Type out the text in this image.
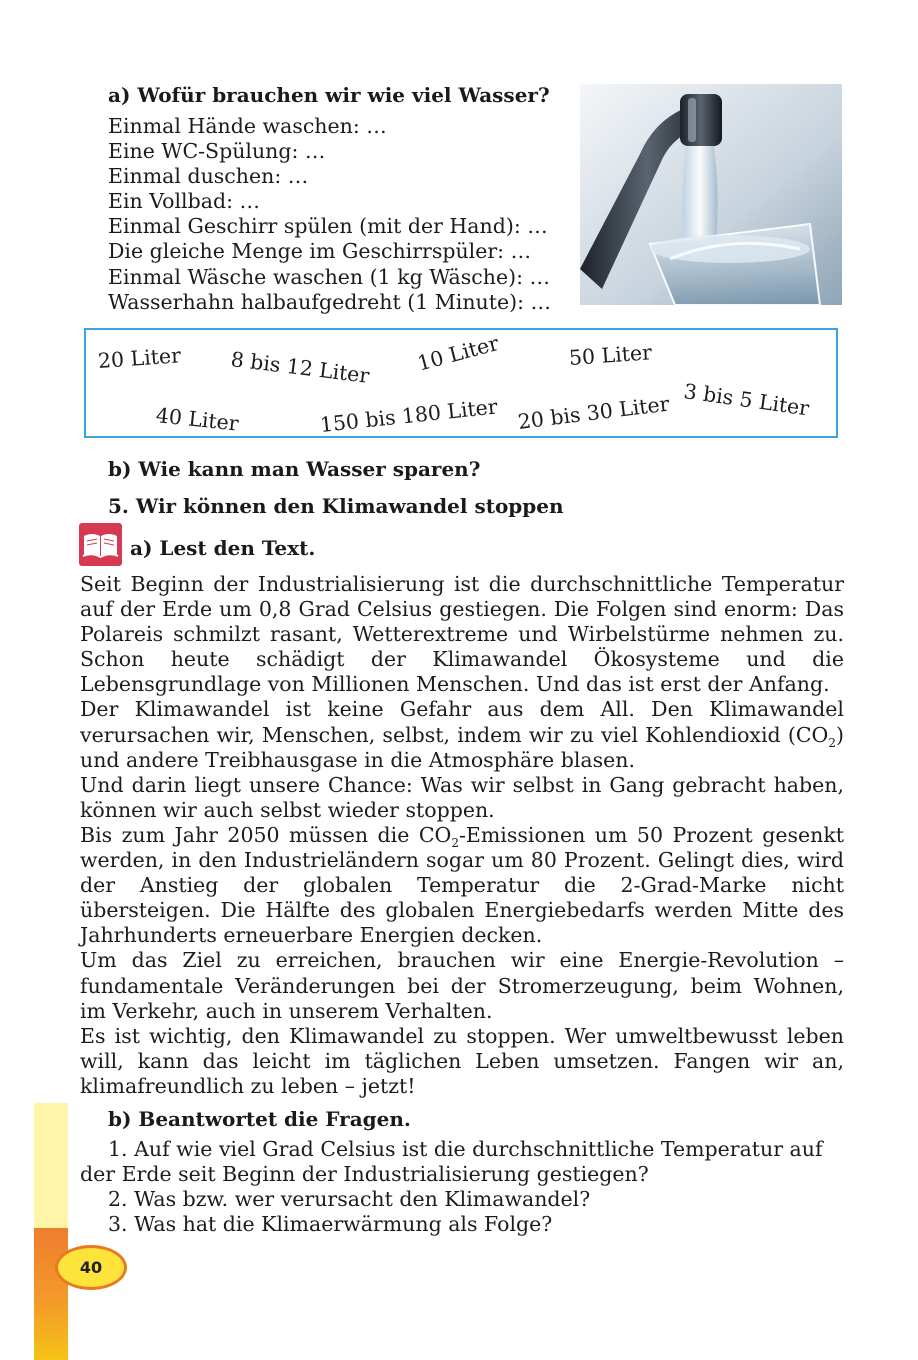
a) Wofür brauchen wir wie viel Wasser?
Einmal Hände waschen: …
Eine WC-Spülung: …
Einmal duschen: …
Ein Vollbad: …
Einmal Geschirr spülen (mit der Hand): …
Die gleiche Menge im Geschirrspüler: …
Einmal Wäsche waschen (1 kg Wäsche): …
Wasserhahn halbaufgedreht (1 Minute): …
20 Liter 8 bis 12 Liter 10 Liter	50 Liter
3 bis 5 Liter
40 Liter	150 bis 180 Liter 20 bis 30 Liter
b) Wie kann man Wasser sparen?
5. Wir können den Klimawandel stoppen
a) Lest den Text.

Seit Beginn der Industrialisierung ist die durchschnittliche Temperatur auf der Erde um 0,8 Grad Celsius gestiegen. Die Folgen sind enorm: Das Polareis schmilzt rasant, Wetterextreme und Wirbelstürme nehmen zu. Schon heute schädigt der Klimawandel Ökosysteme und die Lebensgrundlage von Millionen Menschen. Und das ist erst der Anfang.

Der Klimawandel ist keine Gefahr aus dem All. Den Klimawandel verursachen wir, Menschen, selbst, indem wir zu viel Kohlendioxid $(CO_2)$ und andere Treibhausgase in die Atmosphäre blasen.

Und darin liegt unsere Chance: Was wir selbst in Gang gebracht haben, können wir auch selbst wieder stoppen.

Bis zum Jahr 2050 müssen die $CO_2$-Emissionen um 50 Prozent gesenkt werden, in den Industrieländern sogar um 80 Prozent. Gelingt dies, wird der Anstieg der globalen Temperatur die 2-Grad-Marke nicht übersteigen. Die Hälfte des globalen Energiebedarfs werden Mitte des Jahrhunderts erneuerbare Energien decken.

Um das Ziel zu erreichen, brauchen wir eine Energie-Revolution – fundamentale Veränderungen bei der Stromerzeugung, beim Wohnen, im Verkehr, auch in unserem Verhalten.

Es ist wichtig, den Klimawandel zu stoppen. Wer umweltbewusst leben will, kann das leicht im täglichen Leben umsetzen. Fangen wir an, klimafreundlich zu leben – jetzt!

b) Beantwortet die Fragen.

1. Auf wie viel Grad Celsius ist die durchschnittliche Temperatur auf der Erde seit Beginn der Industrialisierung gestiegen?

2. Was bzw. wer verursacht den Klimawandel?

3. Was hat die Klimaerwärmung als Folge?

40
